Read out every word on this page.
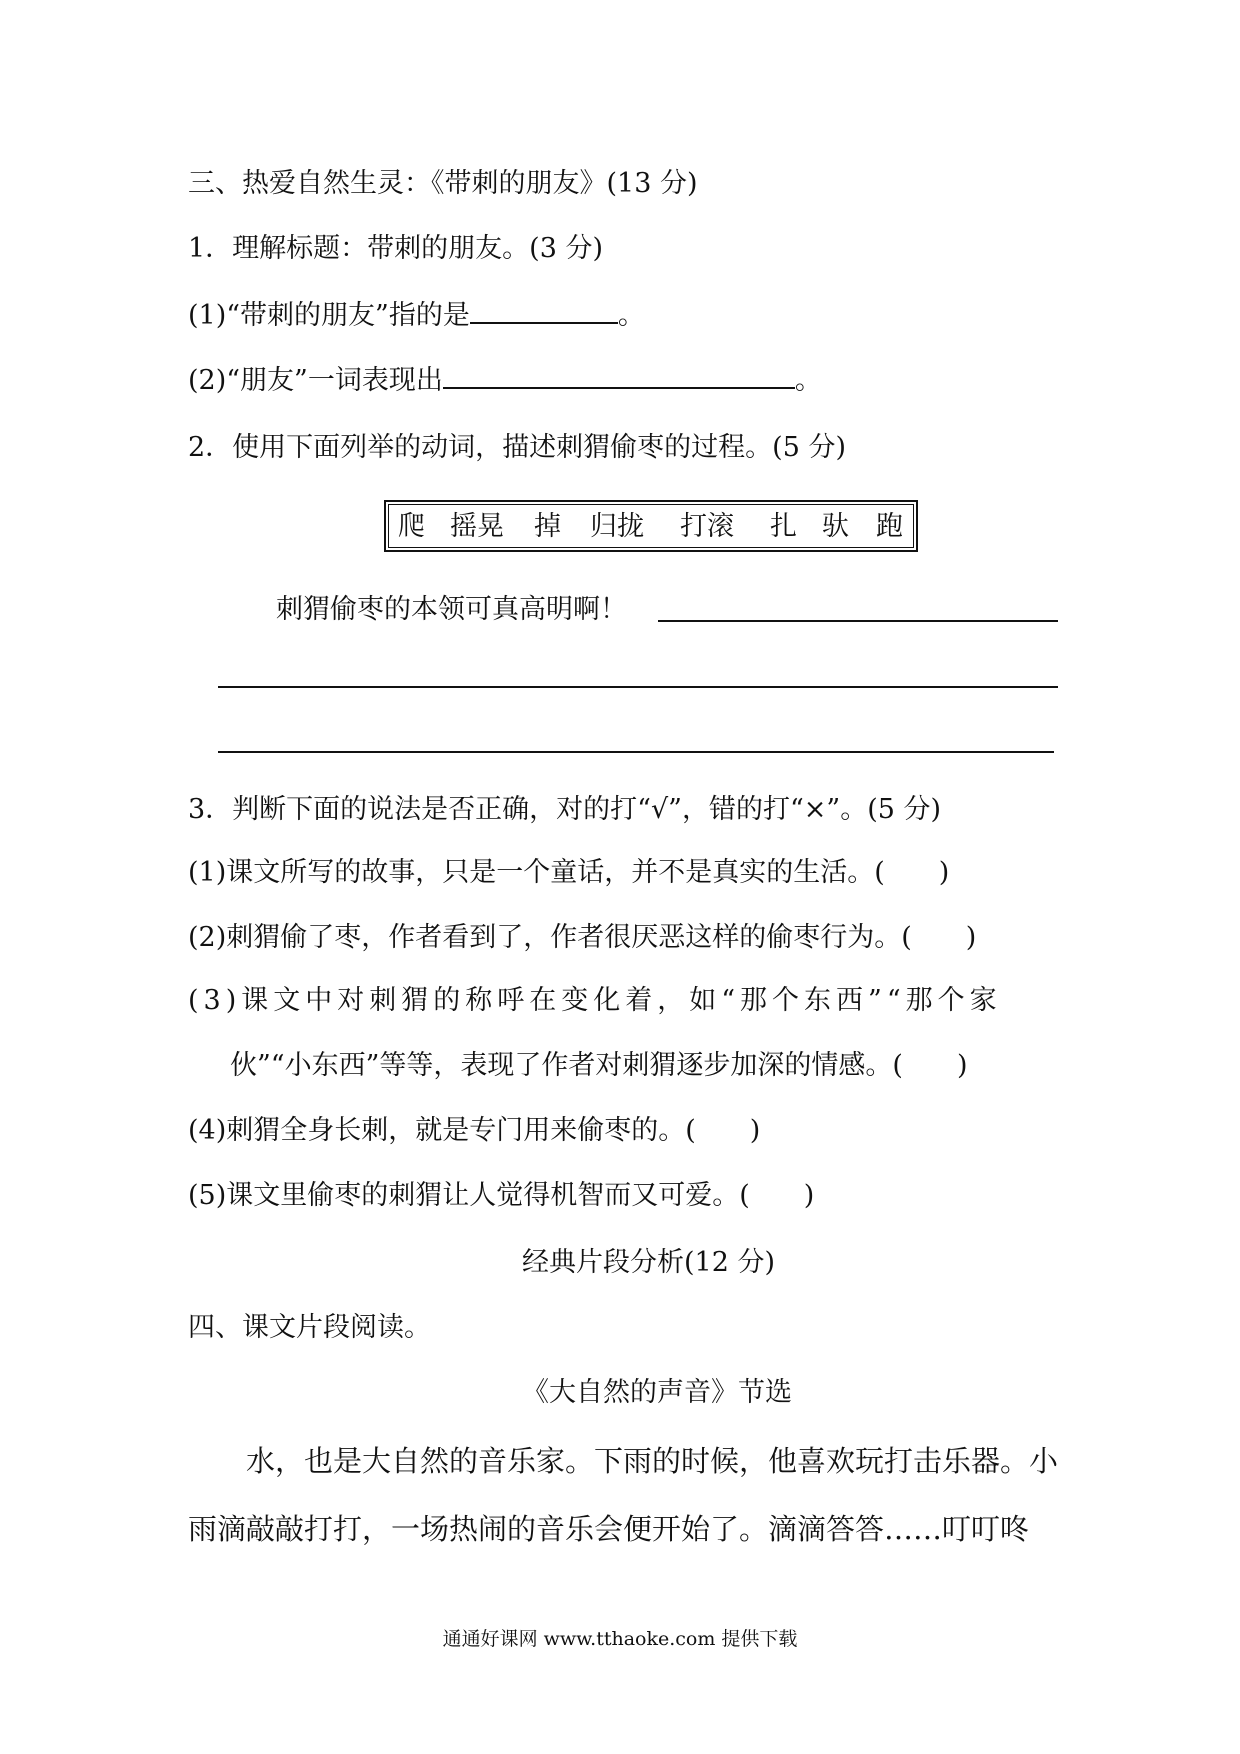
三、热爱自然生灵：《带刺的朋友》(13 分)
1．理解标题：带刺的朋友。(3 分)
(1)“带刺的朋友”指的是	。
(2)“朋友”一词表现出	。
2．使用下面列举的动词，描述刺猬偷枣的过程。(5 分)
爬 摇晃 掉 归拢 打滚 扎 驮 跑
刺猬偷枣的本领可真高明啊！
3．判断下面的说法是否正确，对的打“√”，错的打“×”。(5 分)
(1)课文所写的故事，只是一个童话，并不是真实的生活。(　　)
(2)刺猬偷了枣，作者看到了，作者很厌恶这样的偷枣行为。(　　)
(3)课文中对刺猬的称呼在变化着，如“那个东西”“那个家
伙”“小东西”等等，表现了作者对刺猬逐步加深的情感。(　　)
(4)刺猬全身长刺，就是专门用来偷枣的。(　　)
(5)课文里偷枣的刺猬让人觉得机智而又可爱。(　　)
经典片段分析(12 分)
四、课文片段阅读。
《大自然的声音》节选
水，也是大自然的音乐家。下雨的时候，他喜欢玩打击乐器。小
雨滴敲敲打打，一场热闹的音乐会便开始了。滴滴答答……叮叮咚
通通好课网 www.tthaoke.com 提供下载
